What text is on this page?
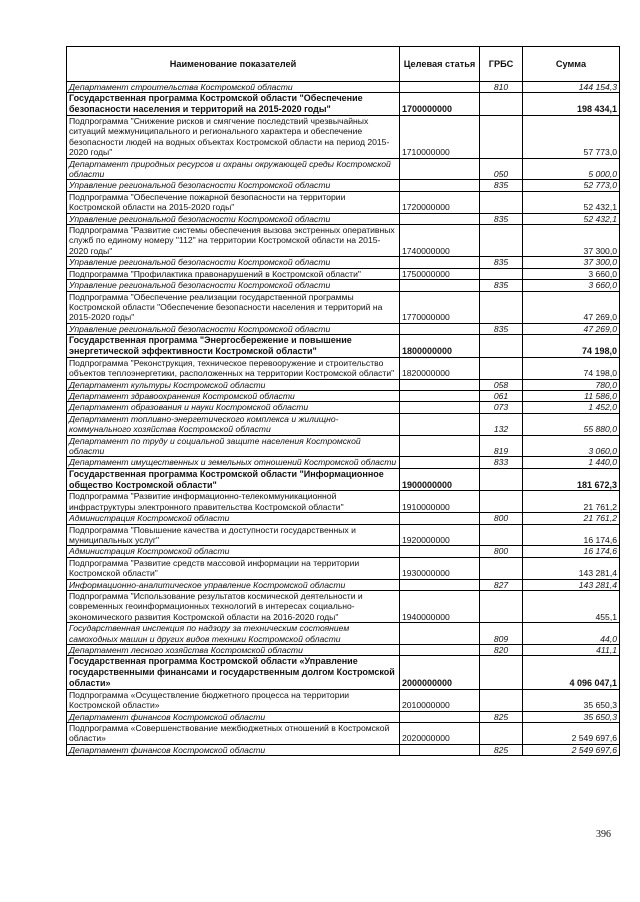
Наименование показателей	Целевая статья	ГРБС	Сумма
Департамент строительства Костромской области		810	144 154,3
Государственная программа Костромской области "Обеспечение безопасности населения и территорий на 2015-2020 годы"	1700000000		198 434,1
Подпрограмма "Снижение рисков и смягчение последствий чрезвычайных ситуаций межмуниципального и регионального характера и обеспечение безопасности людей на водных объектах Костромской области на период 2015-2020 годы"	1710000000		57 773,0
Департамент природных ресурсов и охраны окружающей среды Костромской области		050	5 000,0
Управление региональной безопасности Костромской области		835	52 773,0
Подпрограмма "Обеспечение пожарной безопасности на территории Костромской области на 2015-2020 годы"	1720000000		52 432,1
Управление региональной безопасности Костромской области		835	52 432,1
Подпрограмма "Развитие системы обеспечения вызова экстренных оперативных служб по единому номеру "112" на территории Костромской области на 2015-2020 годы"	1740000000		37 300,0
Управление региональной безопасности Костромской области		835	37 300,0
Подпрограмма "Профилактика правонарушений в Костромской области"	1750000000		3 660,0
Управление региональной безопасности Костромской области		835	3 660,0
Подпрограмма "Обеспечение реализации государственной программы Костромской области "Обеспечение безопасности населения и территорий на 2015-2020 годы"	1770000000		47 269,0
Управление региональной безопасности Костромской области		835	47 269,0
Государственная программа "Энергосбережение и повышение энергетической эффективности Костромской области"	1800000000		74 198,0
Подпрограмма "Реконструкция, техническое перевооружение и строительство объектов теплоэнергетики, расположенных на территории Костромской области"	1820000000		74 198,0
Департамент культуры Костромской области		058	780,0
Департамент здравоохранения Костромской области		061	11 586,0
Департамент образования и науки Костромской области		073	1 452,0
Департамент топливно-энергетического комплекса и жилищно-коммунального хозяйства Костромской области		132	55 880,0
Департамент по труду и социальной защите населения Костромской области		819	3 060,0
Департамент имущественных и земельных отношений Костромской области		833	1 440,0
Государственная программа Костромской области "Информационное общество Костромской области"	1900000000		181 672,3
Подпрограмма "Развитие информационно-телекоммуникационной инфраструктуры электронного правительства Костромской области"	1910000000		21 761,2
Администрация Костромской области		800	21 761,2
Подпрограмма "Повышение качества и доступности государственных и муниципальных услуг"	1920000000		16 174,6
Администрация Костромской области		800	16 174,6
Подпрограмма "Развитие средств массовой информации на территории Костромской области"	1930000000		143 281,4
Информационно-аналитическое управление Костромской области		827	143 281,4
Подпрограмма "Использование результатов космической деятельности и современных геоинформационных технологий в интересах социально-экономического развития Костромской области на 2016-2020 годы"	1940000000		455,1
Государственная инспекция по надзору за техническим состоянием самоходных машин и других видов техники Костромской области		809	44,0
Департамент лесного хозяйства Костромской области		820	411,1
Государственная программа Костромской области «Управление государственными финансами и государственным долгом Костромской области»	2000000000		4 096 047,1
Подпрограмма «Осуществление бюджетного процесса на территории Костромской области»	2010000000		35 650,3
Департамент финансов Костромской области		825	35 650,3
Подпрограмма «Совершенствование межбюджетных отношений в Костромской области»	2020000000		2 549 697,6
Департамент финансов Костромской области		825	2 549 697,6
396
